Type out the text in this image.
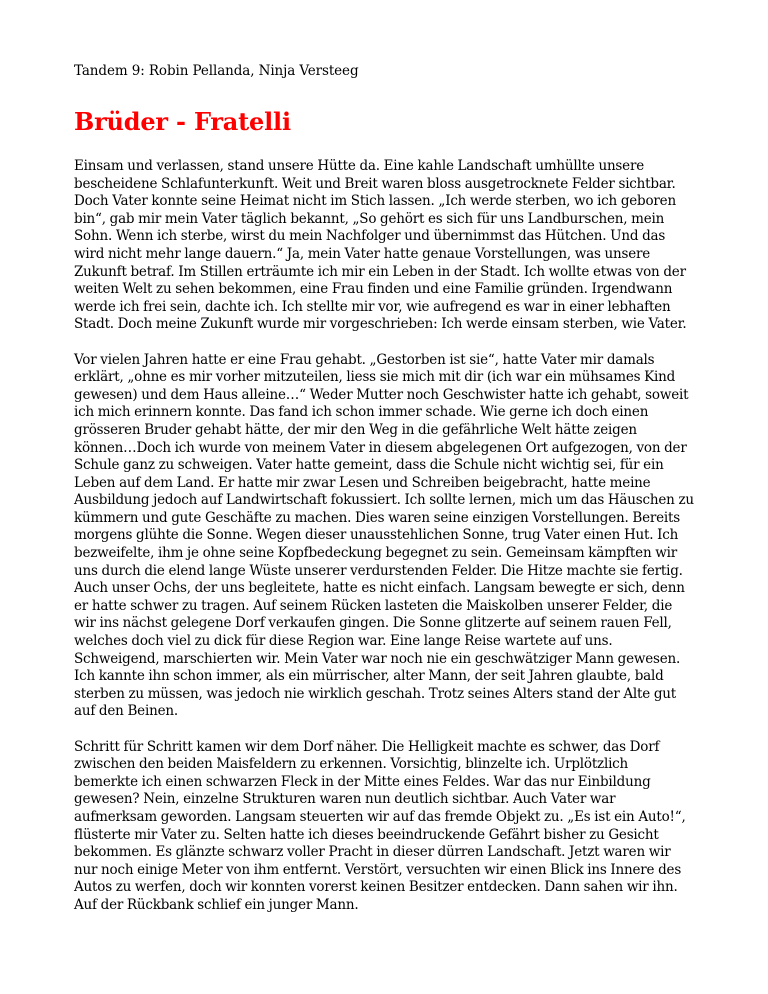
Tandem 9: Robin Pellanda, Ninja Versteeg

Brüder - Fratelli

Einsam und verlassen, stand unsere Hütte da. Eine kahle Landschaft umhüllte unsere bescheidene Schlafunterkunft. Weit und Breit waren bloss ausgetrocknete Felder sichtbar. Doch Vater konnte seine Heimat nicht im Stich lassen. „Ich werde sterben, wo ich geboren bin“, gab mir mein Vater täglich bekannt, „So gehört es sich für uns Landburschen, mein Sohn. Wenn ich sterbe, wirst du mein Nachfolger und übernimmst das Hütchen. Und das wird nicht mehr lange dauern.“ Ja, mein Vater hatte genaue Vorstellungen, was unsere Zukunft betraf. Im Stillen erträumte ich mir ein Leben in der Stadt. Ich wollte etwas von der weiten Welt zu sehen bekommen, eine Frau finden und eine Familie gründen. Irgendwann werde ich frei sein, dachte ich. Ich stellte mir vor, wie aufregend es war in einer lebhaften Stadt. Doch meine Zukunft wurde mir vorgeschrieben: Ich werde einsam sterben, wie Vater.

Vor vielen Jahren hatte er eine Frau gehabt. „Gestorben ist sie“, hatte Vater mir damals erklärt, „ohne es mir vorher mitzuteilen, liess sie mich mit dir (ich war ein mühsames Kind gewesen) und dem Haus alleine…“ Weder Mutter noch Geschwister hatte ich gehabt, soweit ich mich erinnern konnte. Das fand ich schon immer schade. Wie gerne ich doch einen grösseren Bruder gehabt hätte, der mir den Weg in die gefährliche Welt hätte zeigen können…Doch ich wurde von meinem Vater in diesem abgelegenen Ort aufgezogen, von der Schule ganz zu schweigen. Vater hatte gemeint, dass die Schule nicht wichtig sei, für ein Leben auf dem Land. Er hatte mir zwar Lesen und Schreiben beigebracht, hatte meine Ausbildung jedoch auf Landwirtschaft fokussiert. Ich sollte lernen, mich um das Häuschen zu kümmern und gute Geschäfte zu machen. Dies waren seine einzigen Vorstellungen. Bereits morgens glühte die Sonne. Wegen dieser unausstehlichen Sonne, trug Vater einen Hut. Ich bezweifelte, ihm je ohne seine Kopfbedeckung begegnet zu sein. Gemeinsam kämpften wir uns durch die elend lange Wüste unserer verdurstenden Felder. Die Hitze machte sie fertig. Auch unser Ochs, der uns begleitete, hatte es nicht einfach. Langsam bewegte er sich, denn er hatte schwer zu tragen. Auf seinem Rücken lasteten die Maiskolben unserer Felder, die wir ins nächst gelegene Dorf verkaufen gingen. Die Sonne glitzerte auf seinem rauen Fell, welches doch viel zu dick für diese Region war. Eine lange Reise wartete auf uns. Schweigend, marschierten wir. Mein Vater war noch nie ein geschwätziger Mann gewesen. Ich kannte ihn schon immer, als ein mürrischer, alter Mann, der seit Jahren glaubte, bald sterben zu müssen, was jedoch nie wirklich geschah. Trotz seines Alters stand der Alte gut auf den Beinen.

Schritt für Schritt kamen wir dem Dorf näher. Die Helligkeit machte es schwer, das Dorf zwischen den beiden Maisfeldern zu erkennen. Vorsichtig, blinzelte ich. Urplötzlich bemerkte ich einen schwarzen Fleck in der Mitte eines Feldes. War das nur Einbildung gewesen? Nein, einzelne Strukturen waren nun deutlich sichtbar. Auch Vater war aufmerksam geworden. Langsam steuerten wir auf das fremde Objekt zu. „Es ist ein Auto!“, flüsterte mir Vater zu. Selten hatte ich dieses beeindruckende Gefährt bisher zu Gesicht bekommen. Es glänzte schwarz voller Pracht in dieser dürren Landschaft. Jetzt waren wir nur noch einige Meter von ihm entfernt. Verstört, versuchten wir einen Blick ins Innere des Autos zu werfen, doch wir konnten vorerst keinen Besitzer entdecken. Dann sahen wir ihn. Auf der Rückbank schlief ein junger Mann.
